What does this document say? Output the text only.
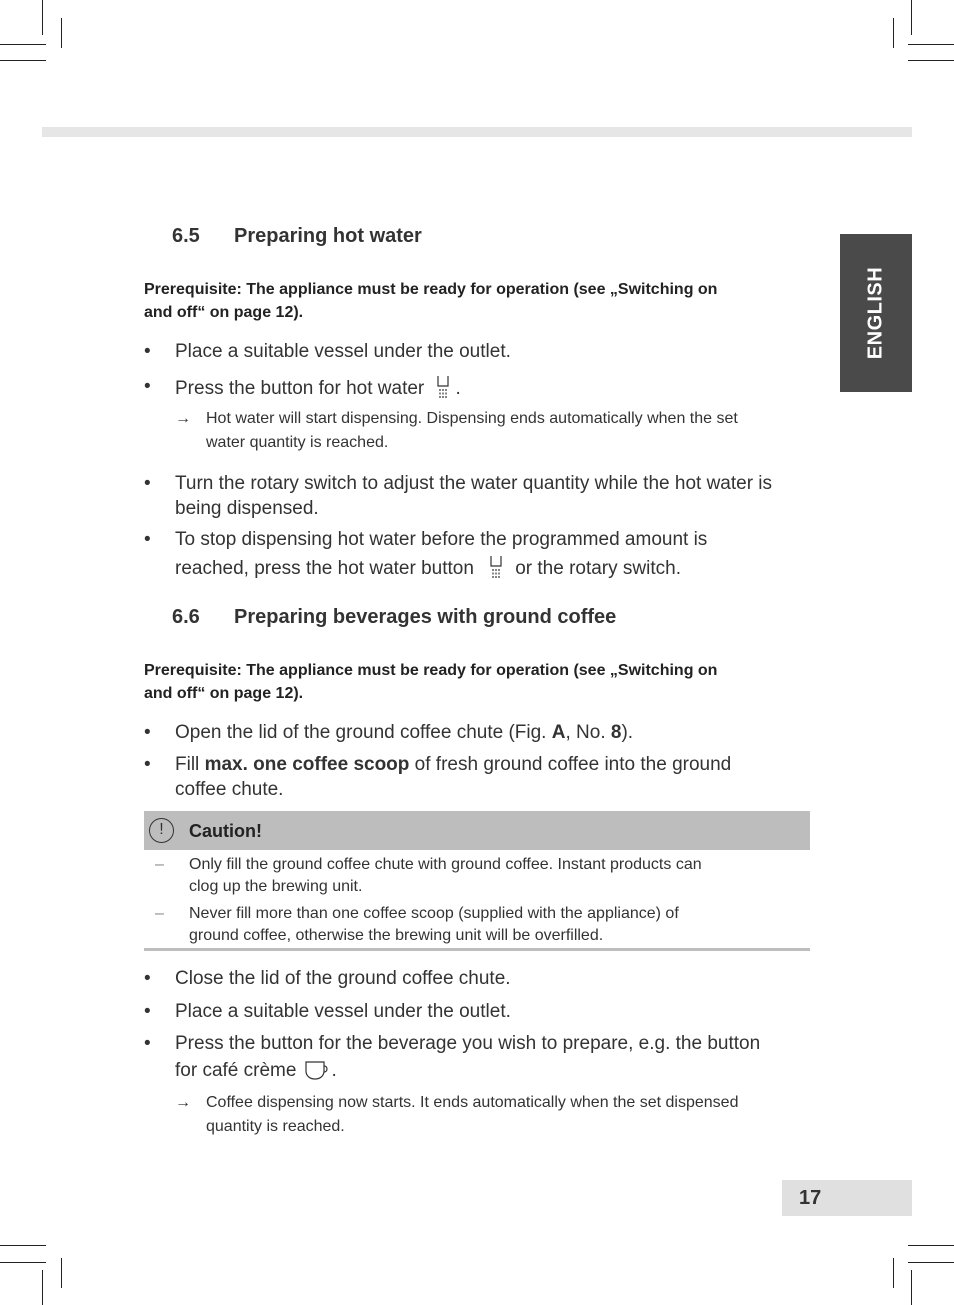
ENGLISH
6.5 Preparing hot water
Prerequisite: The appliance must be ready for operation (see „Switching on
and off“ on page 12).
• Place a suitable vessel under the outlet.
• Press the button for hot water .
→ Hot water will start dispensing. Dispensing ends automatically when the set
water quantity is reached.
• Turn the rotary switch to adjust the water quantity while the hot water is
being dispensed.
• To stop dispensing hot water before the programmed amount is
reached, press the hot water button or the rotary switch.
6.6 Preparing beverages with ground coffee
Prerequisite: The appliance must be ready for operation (see „Switching on
and off“ on page 12).
• Open the lid of the ground coffee chute (Fig. A, No. 8).
• Fill max. one coffee scoop of fresh ground coffee into the ground
coffee chute.
!	Caution!
– Only fill the ground coffee chute with ground coffee. Instant products can
clog up the brewing unit.
– Never fill more than one coffee scoop (supplied with the appliance) of
ground coffee, otherwise the brewing unit will be overfilled.
• Close the lid of the ground coffee chute.
• Place a suitable vessel under the outlet.
• Press the button for the beverage you wish to prepare, e.g. the button
for café crème .
→ Coffee dispensing now starts. It ends automatically when the set dispensed
quantity is reached.
17
